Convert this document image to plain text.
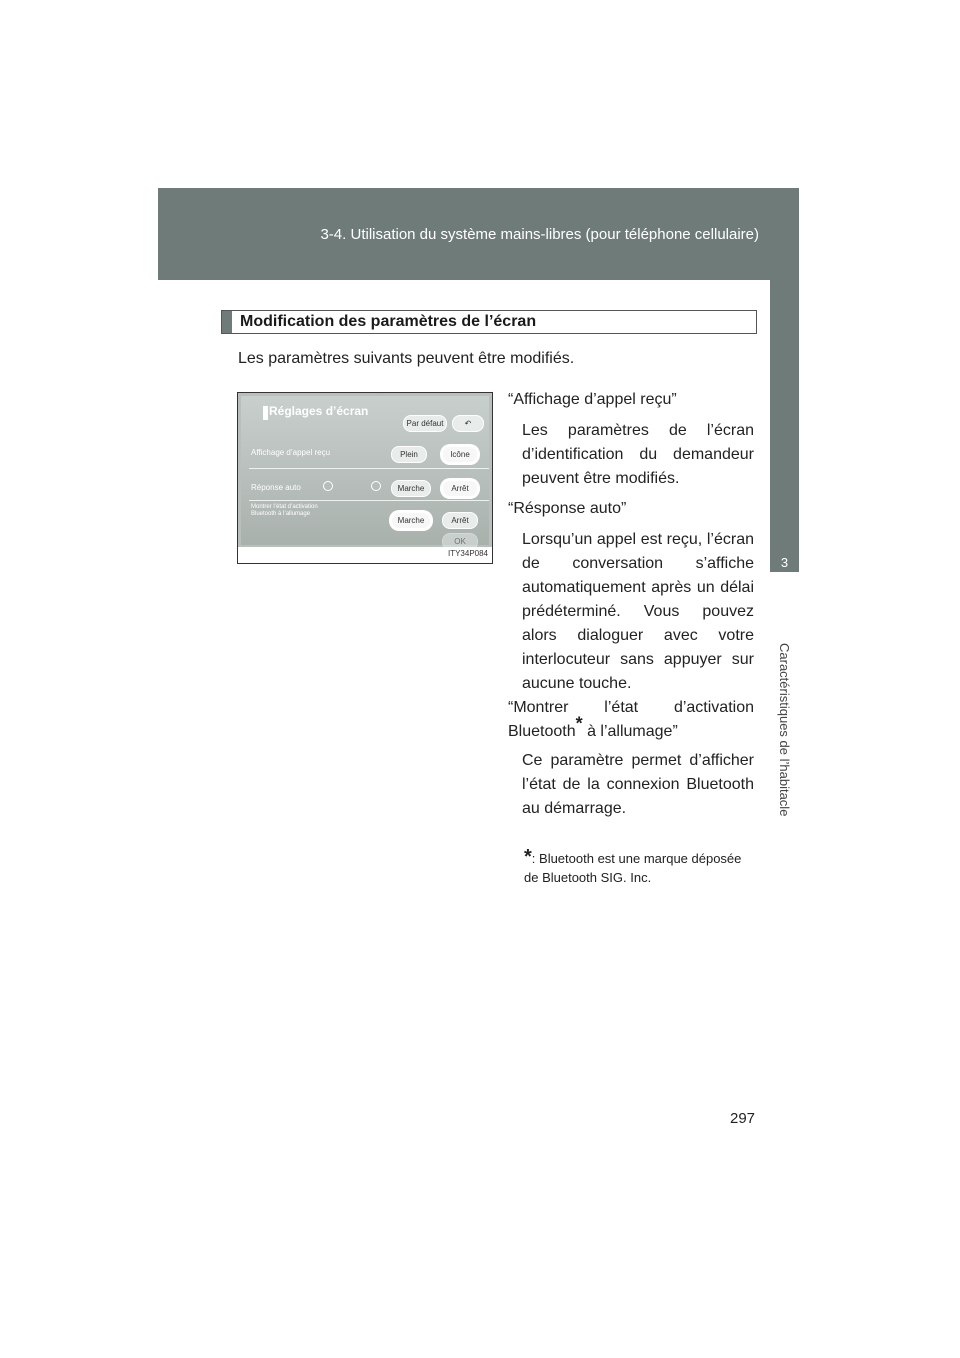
3-4. Utilisation du système mains-libres (pour téléphone cellulaire)
3
Caractéristiques de l’habitacle
Modification des paramètres de l’écran
Les paramètres suivants peuvent être modifiés.
Réglages d’écran
Par défaut	↶
Affichage d’appel reçu	Plein	Icône
Réponse auto	Marche	Arrêt
Montrer l’état d’activation
Bluetooth à l’allumage
Marche	Arrêt
OK
ITY34P084
“Affichage d’appel reçu”
Les paramètres de l’écran d’identification du demandeur peuvent être modifiés.
“Résponse auto”
Lorsqu’un appel est reçu, l’écran de conversation s’affiche automatiquement après un délai prédéterminé. Vous pouvez alors dialoguer avec votre interlocuteur sans appuyer sur aucune touche.
“Montrer l’état d’activation Bluetooth* à l’allumage”
Ce paramètre permet d’afficher l’état de la connexion Bluetooth au démarrage.
*: Bluetooth est une marque déposée de Bluetooth SIG. Inc.
297
